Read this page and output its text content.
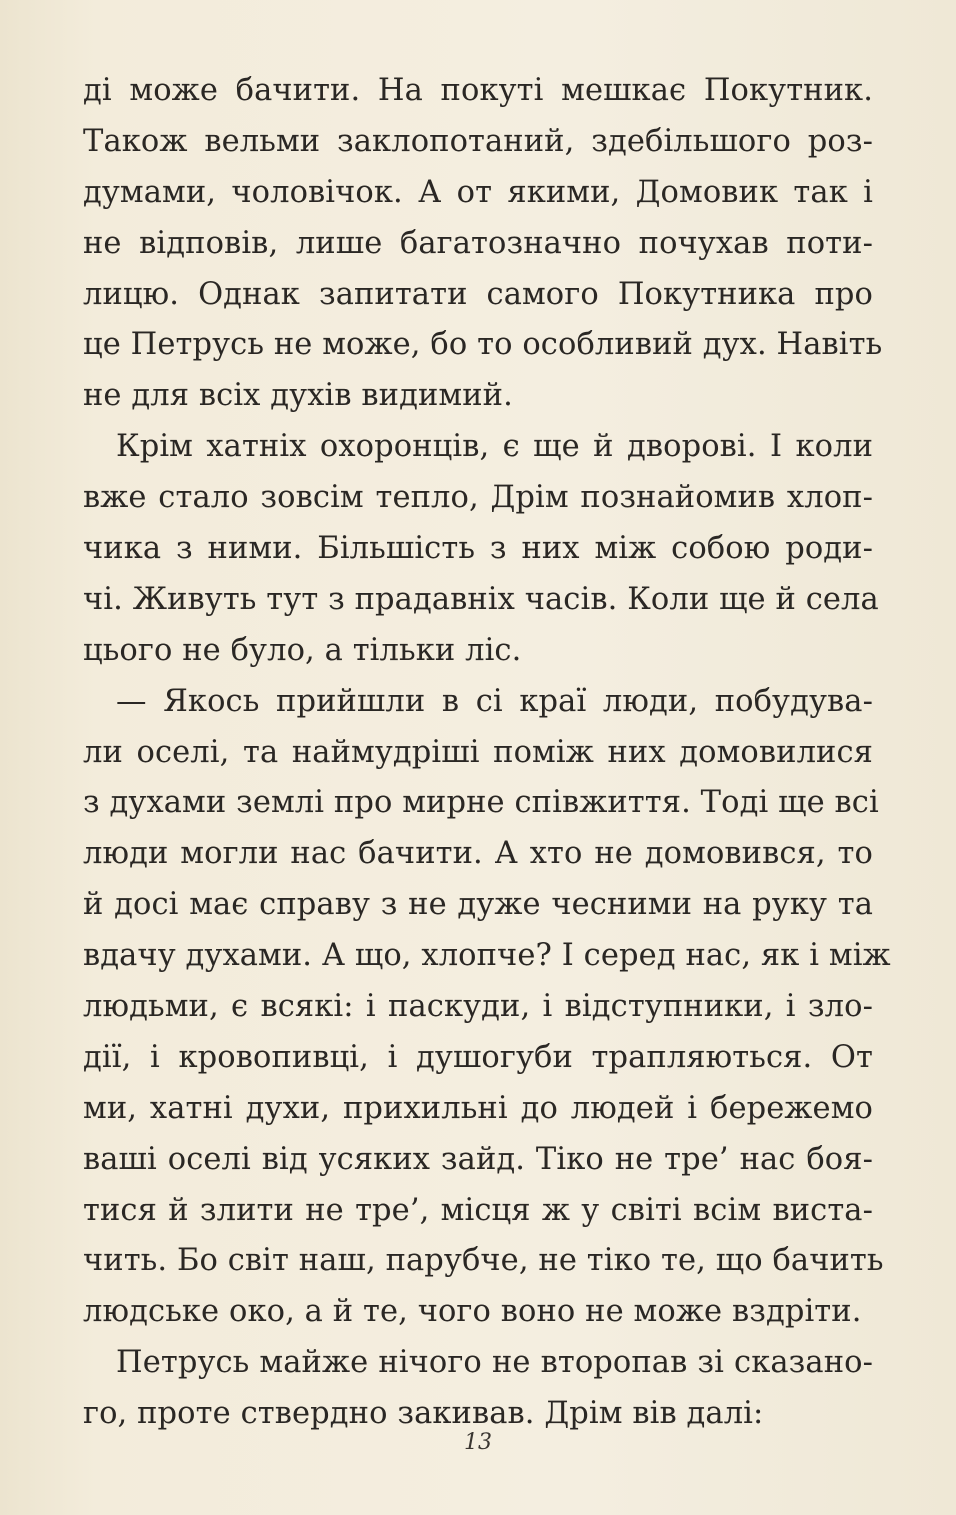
ді може бачити. На покуті мешкає Покутник.
Також вельми заклопотаний, здебільшого роз-
думами, чоловічок. А от якими, Домовик так і
не відповів, лише багатозначно почухав поти-
лицю. Однак запитати самого Покутника про
це Петрусь не може, бо то особливий дух. Навіть
не для всіх духів видимий.
Крім хатніх охоронців, є ще й дворові. І коли
вже стало зовсім тепло, Дрім познайомив хлоп-
чика з ними. Більшість з них між собою роди-
чі. Живуть тут з прадавніх часів. Коли ще й села
цього не було, а тільки ліс.
— Якось прийшли в сі краї люди, побудува-
ли оселі, та наймудріші поміж них домовилися
з духами землі про мирне співжиття. Тоді ще всі
люди могли нас бачити. А хто не домовився, то
й досі має справу з не дуже чесними на руку та
вдачу духами. А що, хлопче? І серед нас, як і між
людьми, є всякі: і паскуди, і відступники, і зло-
дії, і кровопивці, і душогуби трапляються. От
ми, хатні духи, прихильні до людей і бережемо
ваші оселі від усяких зайд. Тіко не тре’ нас боя-
тися й злити не тре’, місця ж у світі всім виста-
чить. Бо світ наш, парубче, не тіко те, що бачить
людське око, а й те, чого воно не може вздріти.
Петрусь майже нічого не второпав зі сказано-
го, проте ствердно закивав. Дрім вів далі:
13
